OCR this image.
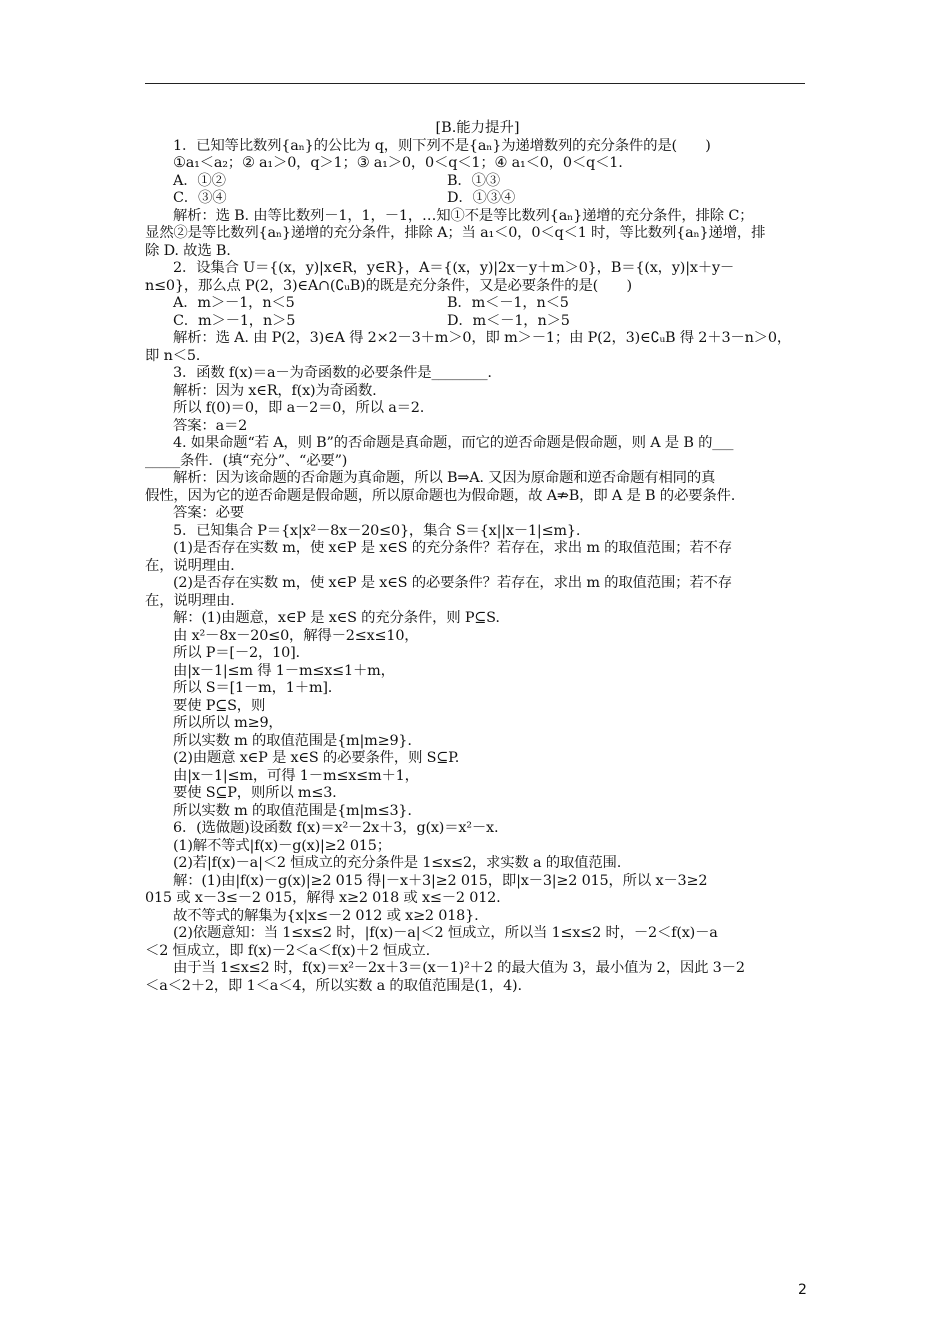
[B.能力提升]
1．已知等比数列{aₙ}的公比为 q，则下列不是{aₙ}为递增数列的充分条件的是(　　)
①a₁＜a₂；② a₁＞0，q＞1；③ a₁＞0，0＜q＜1；④ a₁＜0，0＜q＜1.
A．①②	B．①③
C．③④	D．①③④
解析：选 B. 由等比数列－1，1，－1，…知①不是等比数列{aₙ}递增的充分条件，排除 C；
显然②是等比数列{aₙ}递增的充分条件，排除 A；当 a₁＜0，0＜q＜1 时，等比数列{aₙ}递增，排
除 D. 故选 B.
2．设集合 U＝{(x，y)|x∈R，y∈R}，A＝{(x，y)|2x－y＋m＞0}，B＝{(x，y)|x＋y－
n≤0}，那么点 P(2，3)∈A∩(∁ᵤB)的既是充分条件，又是必要条件的是(　　)
A．m＞－1，n＜5	B．m＜－1，n＜5
C．m＞－1，n＞5	D．m＜－1，n＞5
解析：选 A. 由 P(2，3)∈A 得 2×2－3＋m＞0，即 m＞－1；由 P(2，3)∈∁ᵤB 得 2＋3－n＞0，
即 n＜5.
3．函数 f(x)＝a－为奇函数的必要条件是________.
解析：因为 x∈R，f(x)为奇函数.
所以 f(0)＝0，即 a－2＝0，所以 a＝2.
答案：a＝2
4. 如果命题“若 A，则 B”的否命题是真命题，而它的逆否命题是假命题，则 A 是 B 的___
_____条件．(填“充分”、“必要”)
解析：因为该命题的否命题为真命题，所以 B⇒A. 又因为原命题和逆否命题有相同的真
假性，因为它的逆否命题是假命题，所以原命题也为假命题，故 A⇏B，即 A 是 B 的必要条件.
答案：必要
5．已知集合 P＝{x|x²－8x－20≤0}，集合 S＝{x||x－1|≤m}.
(1)是否存在实数 m，使 x∈P 是 x∈S 的充分条件？若存在，求出 m 的取值范围；若不存
在，说明理由.
(2)是否存在实数 m，使 x∈P 是 x∈S 的必要条件？若存在，求出 m 的取值范围；若不存
在，说明理由.
解：(1)由题意，x∈P 是 x∈S 的充分条件，则 P⊆S.
由 x²－8x－20≤0，解得－2≤x≤10，
所以 P＝[－2，10].
由|x－1|≤m 得 1－m≤x≤1＋m，
所以 S＝[1－m，1＋m].
要使 P⊆S，则
所以所以 m≥9，
所以实数 m 的取值范围是{m|m≥9}.
(2)由题意 x∈P 是 x∈S 的必要条件，则 S⊆P.
由|x－1|≤m，可得 1－m≤x≤m＋1，
要使 S⊆P，则所以 m≤3.
所以实数 m 的取值范围是{m|m≤3}.
6．(选做题)设函数 f(x)＝x²－2x＋3，g(x)＝x²－x.
(1)解不等式|f(x)－g(x)|≥2 015；
(2)若|f(x)－a|＜2 恒成立的充分条件是 1≤x≤2，求实数 a 的取值范围.
解：(1)由|f(x)－g(x)|≥2 015 得|－x＋3|≥2 015，即|x－3|≥2 015，所以 x－3≥2
015 或 x－3≤－2 015，解得 x≥2 018 或 x≤－2 012.
故不等式的解集为{x|x≤－2 012 或 x≥2 018}.
(2)依题意知：当 1≤x≤2 时，|f(x)－a|＜2 恒成立，所以当 1≤x≤2 时，－2＜f(x)－a
＜2 恒成立，即 f(x)－2＜a＜f(x)＋2 恒成立.
由于当 1≤x≤2 时，f(x)＝x²－2x＋3＝(x－1)²＋2 的最大值为 3，最小值为 2，因此 3－2
＜a＜2＋2，即 1＜a＜4，所以实数 a 的取值范围是(1，4).
2
